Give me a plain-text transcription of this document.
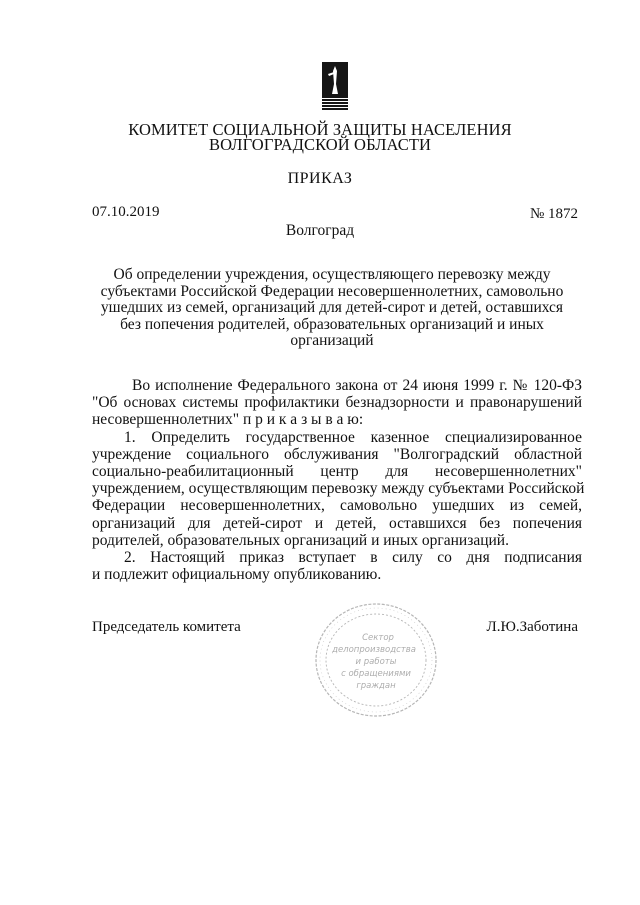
КОМИТЕТ СОЦИАЛЬНОЙ ЗАЩИТЫ НАСЕЛЕНИЯ
ВОЛГОГРАДСКОЙ ОБЛАСТИ
ПРИКАЗ
07.10.2019	№ 1872
Волгоград
Об определении учреждения, осуществляющего перевозку между
субъектами Российской Федерации несовершеннолетних, самовольно
ушедших из семей, организаций для детей-сирот и детей, оставшихся
без попечения родителей, образовательных организаций и иных
организаций
Во исполнение Федерального закона от 24 июня 1999 г. № 120-ФЗ
"Об основах системы профилактики безнадзорности и правонарушений
несовершеннолетних" п р и к а з ы в а ю:
1. Определить государственное казенное специализированное
учреждение социального обслуживания "Волгоградский областной
социально-реабилитационный центр для несовершеннолетних"
учреждением, осуществляющим перевозку между субъектами Российской
Федерации несовершеннолетних, самовольно ушедших из семей,
организаций для детей-сирот и детей, оставшихся без попечения
родителей, образовательных организаций и иных организаций.
2. Настоящий приказ вступает в силу со дня подписания
и подлежит официальному опубликованию.
Председатель комитета	Л.Ю.Заботина
Сектор
делопроизводства
и работы
с обращениями
граждан
